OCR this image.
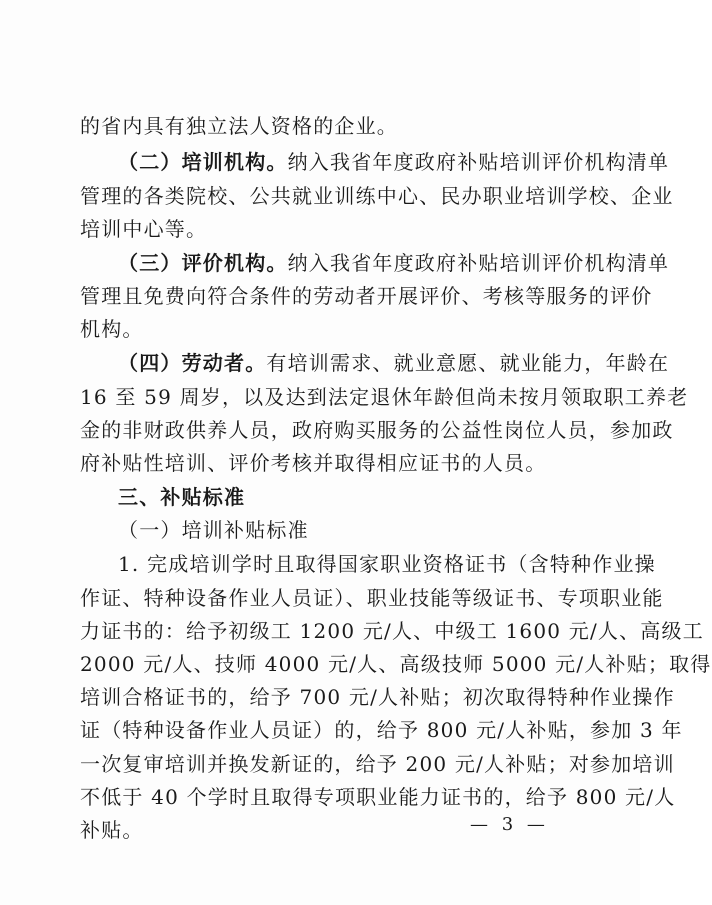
的省内具有独立法人资格的企业。
（二）培训机构。纳入我省年度政府补贴培训评价机构清单
管理的各类院校、公共就业训练中心、民办职业培训学校、企业
培训中心等。
（三）评价机构。纳入我省年度政府补贴培训评价机构清单
管理且免费向符合条件的劳动者开展评价、考核等服务的评价
机构。
（四）劳动者。有培训需求、就业意愿、就业能力，年龄在
16 至 59 周岁，以及达到法定退休年龄但尚未按月领取职工养老
金的非财政供养人员，政府购买服务的公益性岗位人员，参加政
府补贴性培训、评价考核并取得相应证书的人员。
三、补贴标准
（一）培训补贴标准
1. 完成培训学时且取得国家职业资格证书（含特种作业操
作证、特种设备作业人员证）、职业技能等级证书、专项职业能
力证书的：给予初级工 1200 元/人、中级工 1600 元/人、高级工
2000 元/人、技师 4000 元/人、高级技师 5000 元/人补贴；取得
培训合格证书的，给予 700 元/人补贴；初次取得特种作业操作
证（特种设备作业人员证）的，给予 800 元/人补贴，参加 3 年
一次复审培训并换发新证的，给予 200 元/人补贴；对参加培训
不低于 40 个学时且取得专项职业能力证书的，给予 800 元/人
补贴。	— 3 —
